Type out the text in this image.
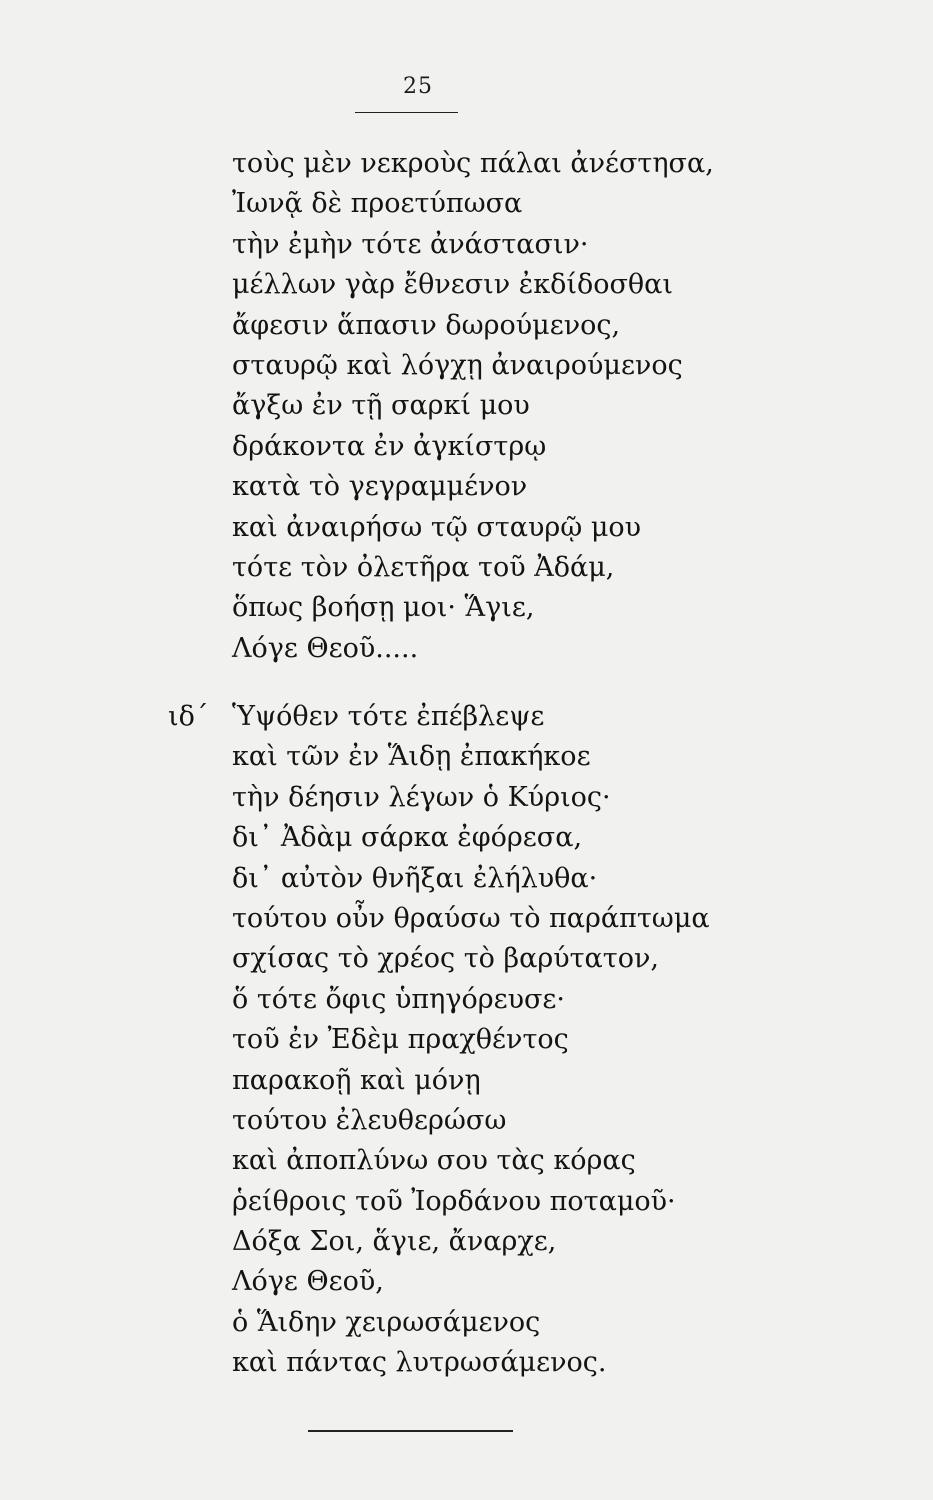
25
τοὺς μὲν νεκροὺς πάλαι ἀνέστησα,
Ἰωνᾷ δὲ προετύπωσα
τὴν ἐμὴν τότε ἀνάστασιν·
μέλλων γὰρ ἔθνεσιν ἐκδίδοσθαι
ἄφεσιν ἅπασιν δωρούμενος,
σταυρῷ καὶ λόγχῃ ἀναιρούμενος
ἄγξω ἐν τῇ σαρκί μου
δράκοντα ἐν ἀγκίστρῳ
κατὰ τὸ γεγραμμένον
καὶ ἀναιρήσω τῷ σταυρῷ μου
τότε τὸν ὀλετῆρα τοῦ Ἀδάμ,
ὅπως βοήσῃ μοι· Ἅγιε,
Λόγε Θεοῦ.....
ιδ´ Ὑψόθεν τότε ἐπέβλεψε
καὶ τῶν ἐν Ἅιδῃ ἐπακήκοε
τὴν δέησιν λέγων ὁ Κύριος·
δι᾽ Ἀδὰμ σάρκα ἐφόρεσα,
δι᾽ αὐτὸν θνῆξαι ἐλήλυθα·
τούτου οὖν θραύσω τὸ παράπτωμα
σχίσας τὸ χρέος τὸ βαρύτατον,
ὅ τότε ὄφις ὑπηγόρευσε·
τοῦ ἐν Ἐδὲμ πραχθέντος
παρακοῇ καὶ μόνῃ
τούτου ἐλευθερώσω
καὶ ἀποπλύνω σου τὰς κόρας
ῥείθροις τοῦ Ἰορδάνου ποταμοῦ·
Δόξα Σοι, ἅγιε, ἄναρχε,
Λόγε Θεοῦ,
ὁ Ἅιδην χειρωσάμενος
καὶ πάντας λυτρωσάμενος.
